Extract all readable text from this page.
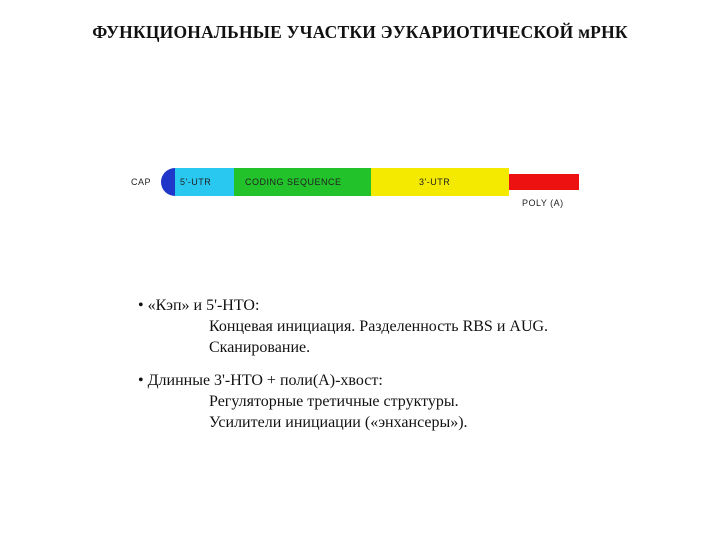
ФУНКЦИОНАЛЬНЫЕ УЧАСТКИ ЭУКАРИОТИЧЕСКОЙ мРНК
CAP	5'-UTR	CODING SEQUENCE	3'-UTR
POLY (A)
• «Кэп» и 5'-НТО:
Концевая инициация. Разделенность RBS и AUG.
Сканирование.
• Длинные 3'-НТО + поли(А)-хвост:
Регуляторные третичные структуры.
Усилители инициации («энхансеры»).
